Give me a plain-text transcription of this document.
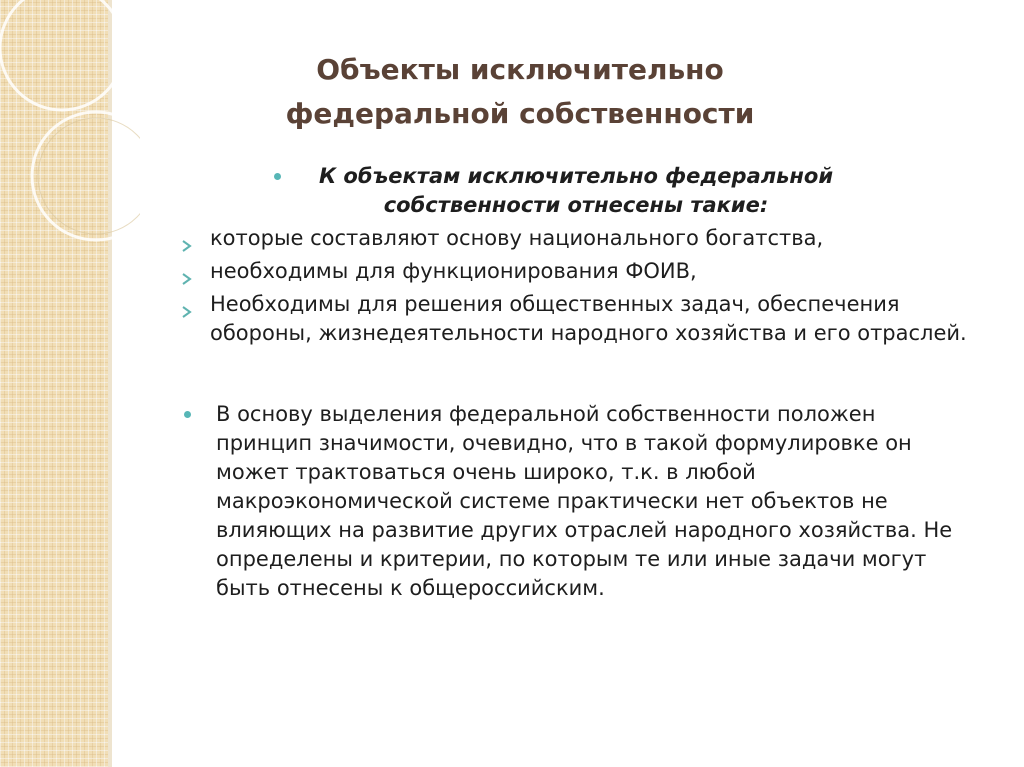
Объекты исключительно федеральной собственности
К объектам исключительно федеральной собственности отнесены такие:
которые составляют основу национального богатства,
необходимы для функционирования ФОИВ,
Необходимы для решения общественных задач, обеспечения обороны, жизнедеятельности народного хозяйства и его отраслей.
В основу выделения федеральной собственности положен принцип значимости, очевидно, что в такой формулировке он может трактоваться очень широко, т.к. в любой макроэкономической системе практически нет объектов не влияющих на развитие других отраслей народного хозяйства. Не определены и критерии, по которым те или иные задачи могут быть отнесены к общероссийским.
